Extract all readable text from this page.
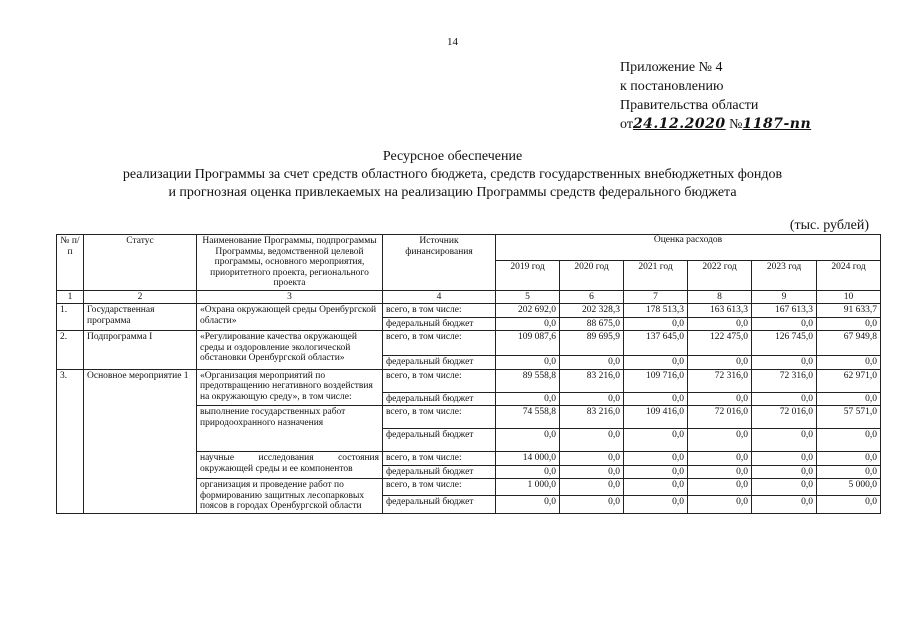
14
Приложение № 4
к постановлению
Правительства области
от24.12.2020 №1187-пп
Ресурсное обеспечение
реализации Программы за счет средств областного бюджета, средств государственных внебюджетных фондов
и прогнозная оценка привлекаемых на реализацию Программы средств федерального бюджета
(тыс. рублей)
№ п/п	Статус	Наименование Программы, подпрограммы Программы, ведомственной целевой программы, основного мероприятия, приоритетного проекта, регионального проекта	Источник финансирования	Оценка расходов					
				2019 год	2020 год	2021 год	2022 год	2023 год	2024 год
1	2	3	4	5	6	7	8	9	10
1.	Государственная программа	«Охрана окружающей среды Оренбургской области»	всего, в том числе:	202 692,0	202 328,3	178 513,3	163 613,3	167 613,3	91 633,7
			федеральный бюджет	0,0	88 675,0	0,0	0,0	0,0	0,0
2.	Подпрограмма I	«Регулирование качества окружающей среды и оздоровление экологической обстановки Оренбургской области»	всего, в том числе:	109 087,6	89 695,9	137 645,0	122 475,0	126 745,0	67 949,8
			федеральный бюджет	0,0	0,0	0,0	0,0	0,0	0,0
3.	Основное мероприятие 1	«Организация мероприятий по предотвращению негативного воздействия на окружающую среду», в том числе:	всего, в том числе:	89 558,8	83 216,0	109 716,0	72 316,0	72 316,0	62 971,0
			федеральный бюджет	0,0	0,0	0,0	0,0	0,0	0,0
		выполнение государственных работ природоохранного назначения	всего, в том числе:	74 558,8	83 216,0	109 416,0	72 016,0	72 016,0	57 571,0
			федеральный бюджет	0,0	0,0	0,0	0,0	0,0	0,0
		научные исследования состояния окружающей среды и ее компонентов	всего, в том числе:	14 000,0	0,0	0,0	0,0	0,0	0,0
			федеральный бюджет	0,0	0,0	0,0	0,0	0,0	0,0
		организация и проведение работ по формированию защитных лесопарковых поясов в городах Оренбургской области	всего, в том числе:	1 000,0	0,0	0,0	0,0	0,0	5 000,0
			федеральный бюджет	0,0	0,0	0,0	0,0	0,0	0,0
